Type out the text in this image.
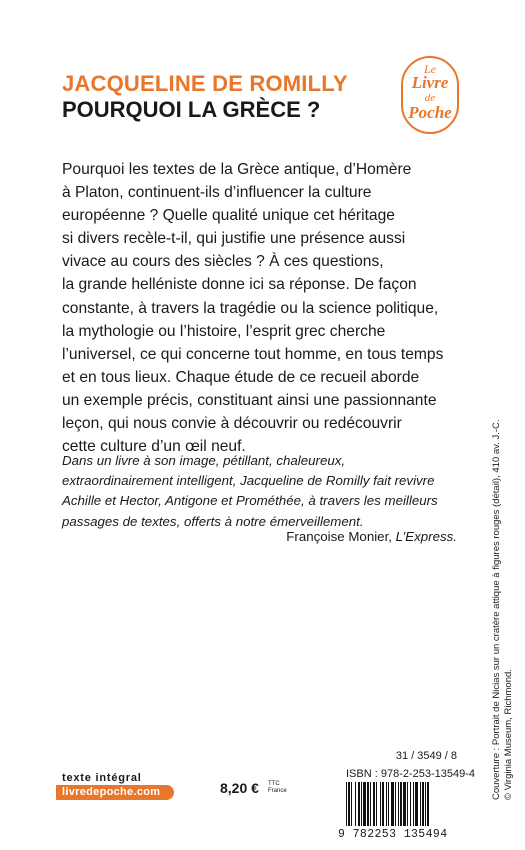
JACQUELINE DE ROMILLY
POURQUOI LA GRÈCE ?
Le
Livre
de
Poche
Pourquoi les textes de la Grèce antique, d’Homère
à Platon, continuent-ils d’influencer la culture
européenne ? Quelle qualité unique cet héritage
si divers recèle-t-il, qui justifie une présence aussi
vivace au cours des siècles ? À ces questions,
la grande helléniste donne ici sa réponse. De façon
constante, à travers la tragédie ou la science politique,
la mythologie ou l’histoire, l’esprit grec cherche
l’universel, ce qui concerne tout homme, en tous temps
et en tous lieux. Chaque étude de ce recueil aborde
un exemple précis, constituant ainsi une passionnante
leçon, qui nous convie à découvrir ou redécouvrir
cette culture d’un œil neuf.
Dans un livre à son image, pétillant, chaleureux,
extraordinairement intelligent, Jacqueline de Romilly fait revivre
Achille et Hector, Antigone et Prométhée, à travers les meilleurs
passages de textes, offerts à notre émerveillement.
Françoise Monier, L’Express.	Couverture : Portrait de Nicias sur un cratère attique à figures rouges (détail), 410 av. J.-C. © Virginia Museum, Richmond.
texte intégral
livredepoche.com	8,20 € TTC
France
31 / 3549 / 8
ISBN : 978-2-253-13549-4
9 782253 135494
